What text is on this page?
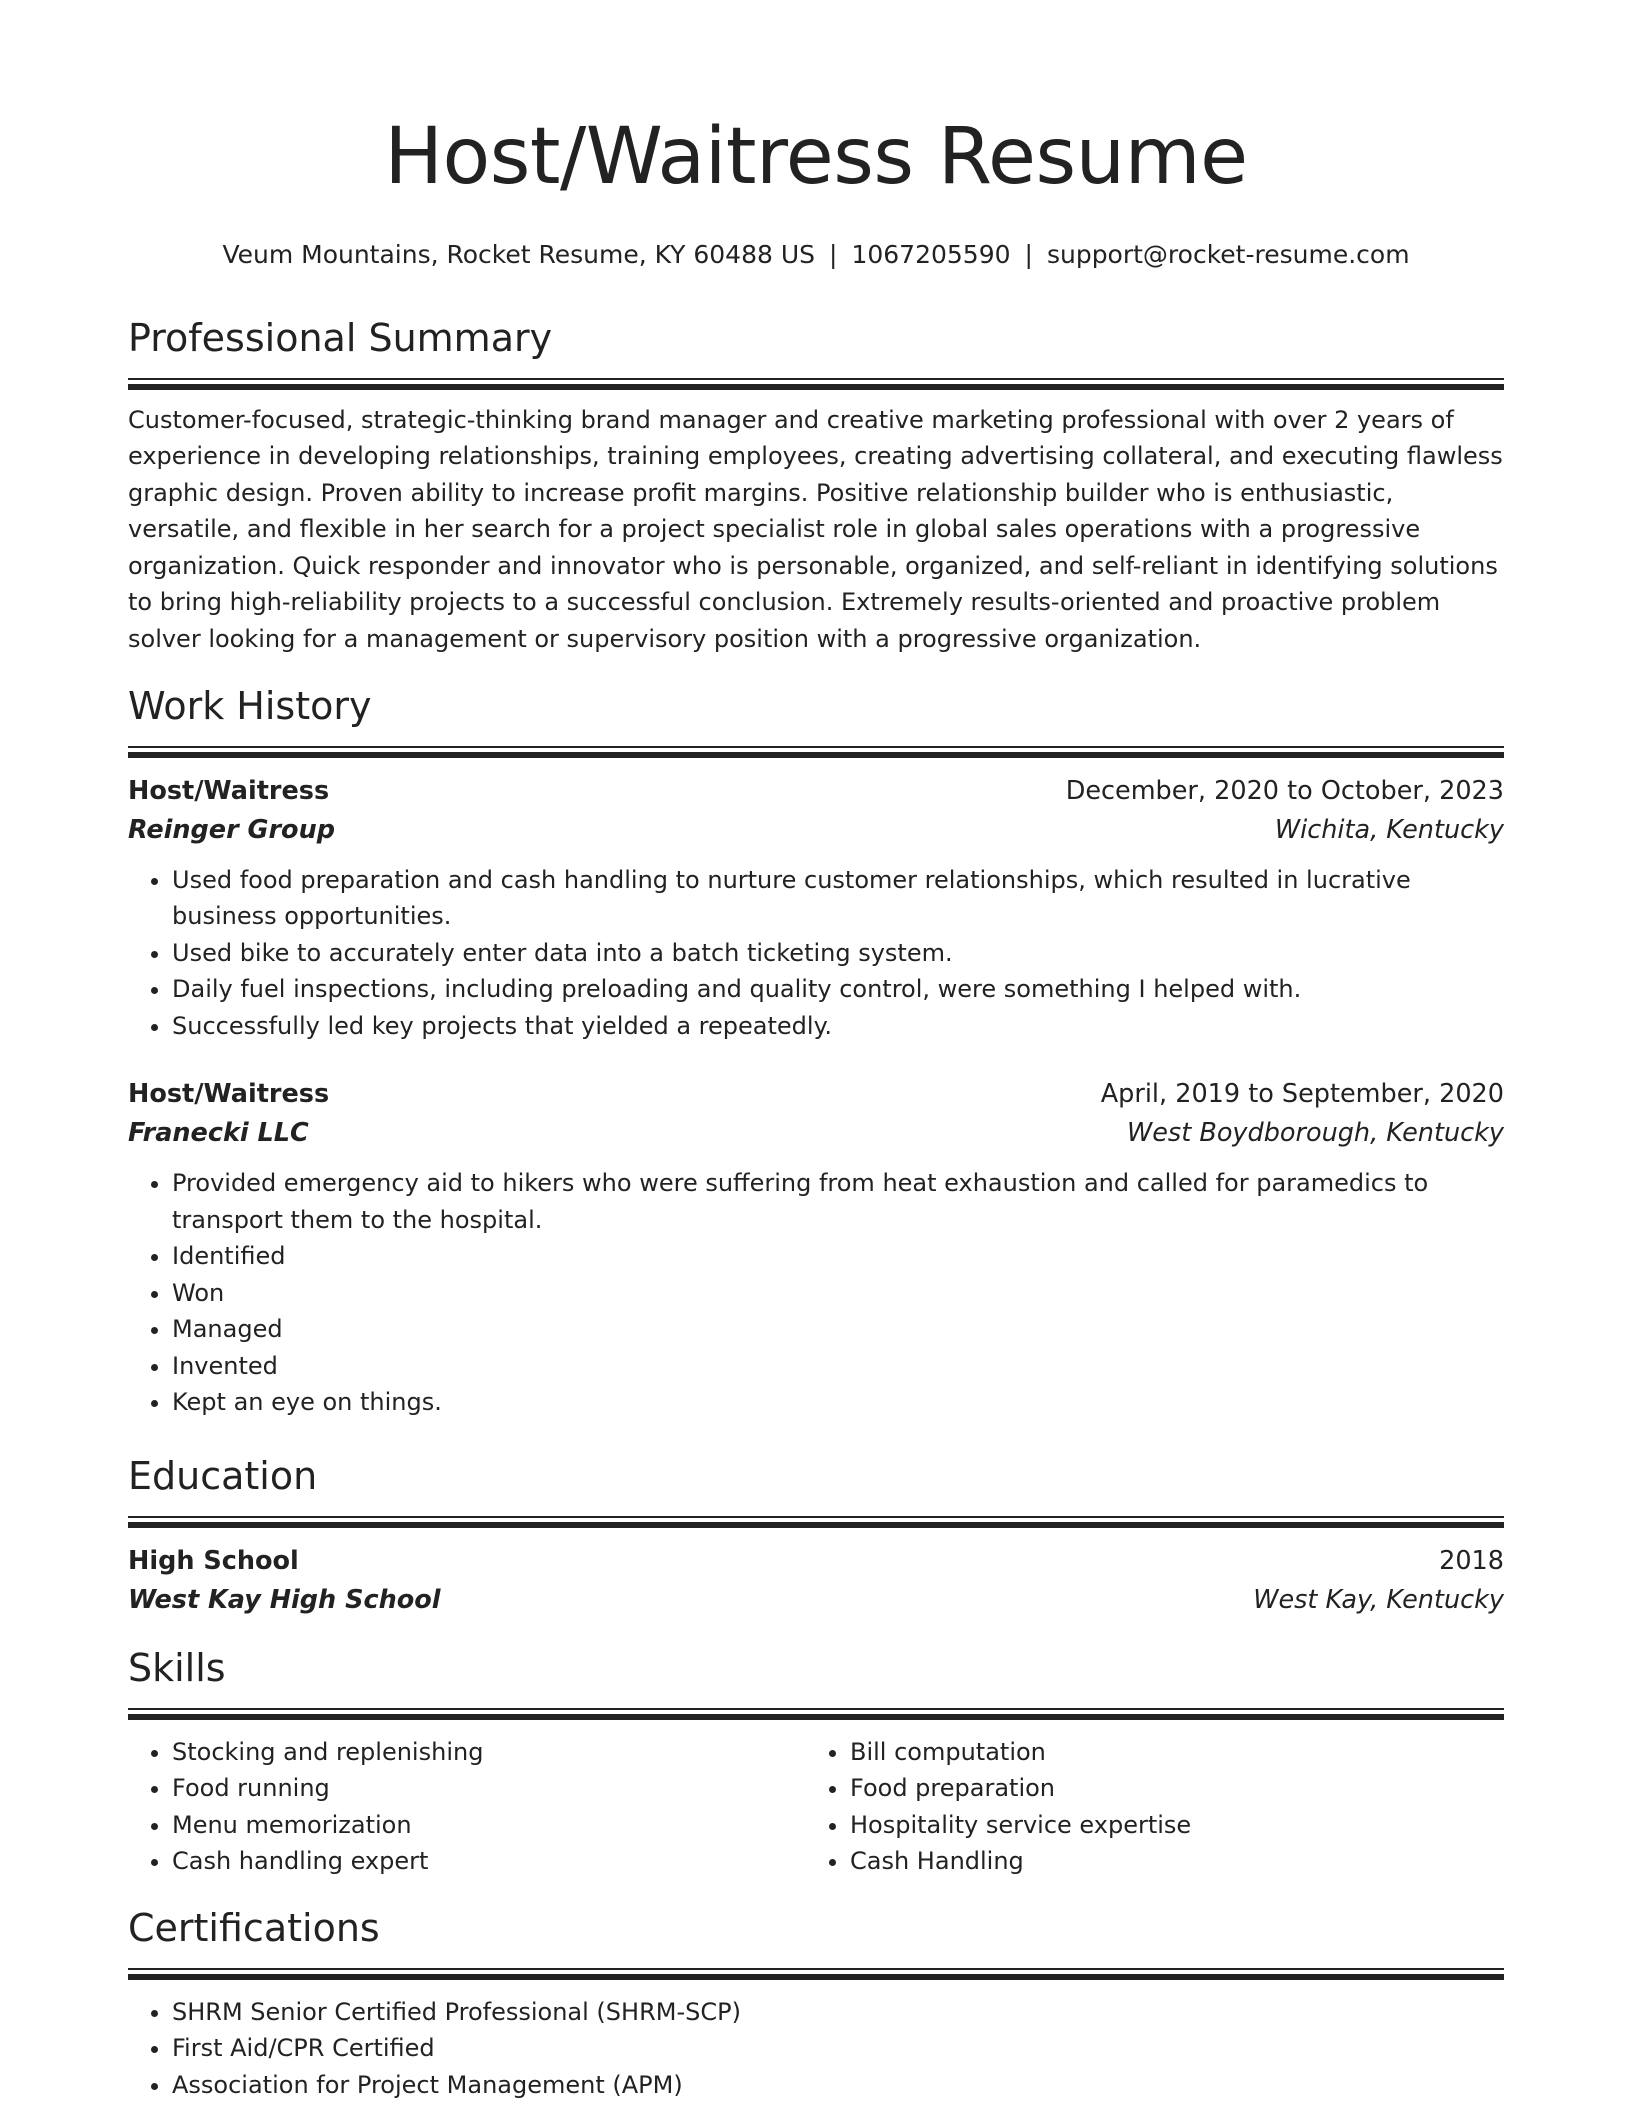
Host/Waitress Resume
Veum Mountains, Rocket Resume, KY 60488 US | 1067205590 | support@rocket-resume.com
Professional Summary
Customer-focused, strategic-thinking brand manager and creative marketing professional with over 2 years of experience in developing relationships, training employees, creating advertising collateral, and executing flawless graphic design. Proven ability to increase profit margins. Positive relationship builder who is enthusiastic, versatile, and flexible in her search for a project specialist role in global sales operations with a progressive organization. Quick responder and innovator who is personable, organized, and self-reliant in identifying solutions to bring high-reliability projects to a successful conclusion. Extremely results-oriented and proactive problem solver looking for a management or supervisory position with a progressive organization.
Work History
Host/Waitress	December, 2020 to October, 2023
Reinger Group	Wichita, Kentucky
• Used food preparation and cash handling to nurture customer relationships, which resulted in lucrative business opportunities.
• Used bike to accurately enter data into a batch ticketing system.
• Daily fuel inspections, including preloading and quality control, were something I helped with.
• Successfully led key projects that yielded a repeatedly.
Host/Waitress	April, 2019 to September, 2020
Franecki LLC	West Boydborough, Kentucky
• Provided emergency aid to hikers who were suffering from heat exhaustion and called for paramedics to transport them to the hospital.
• Identified
• Won
• Managed
• Invented
• Kept an eye on things.
Education
High School	2018
West Kay High School	West Kay, Kentucky
Skills
• Stocking and replenishing
• Food running
• Menu memorization
• Cash handling expert
• Bill computation
• Food preparation
• Hospitality service expertise
• Cash Handling
Certifications
• SHRM Senior Certified Professional (SHRM-SCP)
• First Aid/CPR Certified
• Association for Project Management (APM)
